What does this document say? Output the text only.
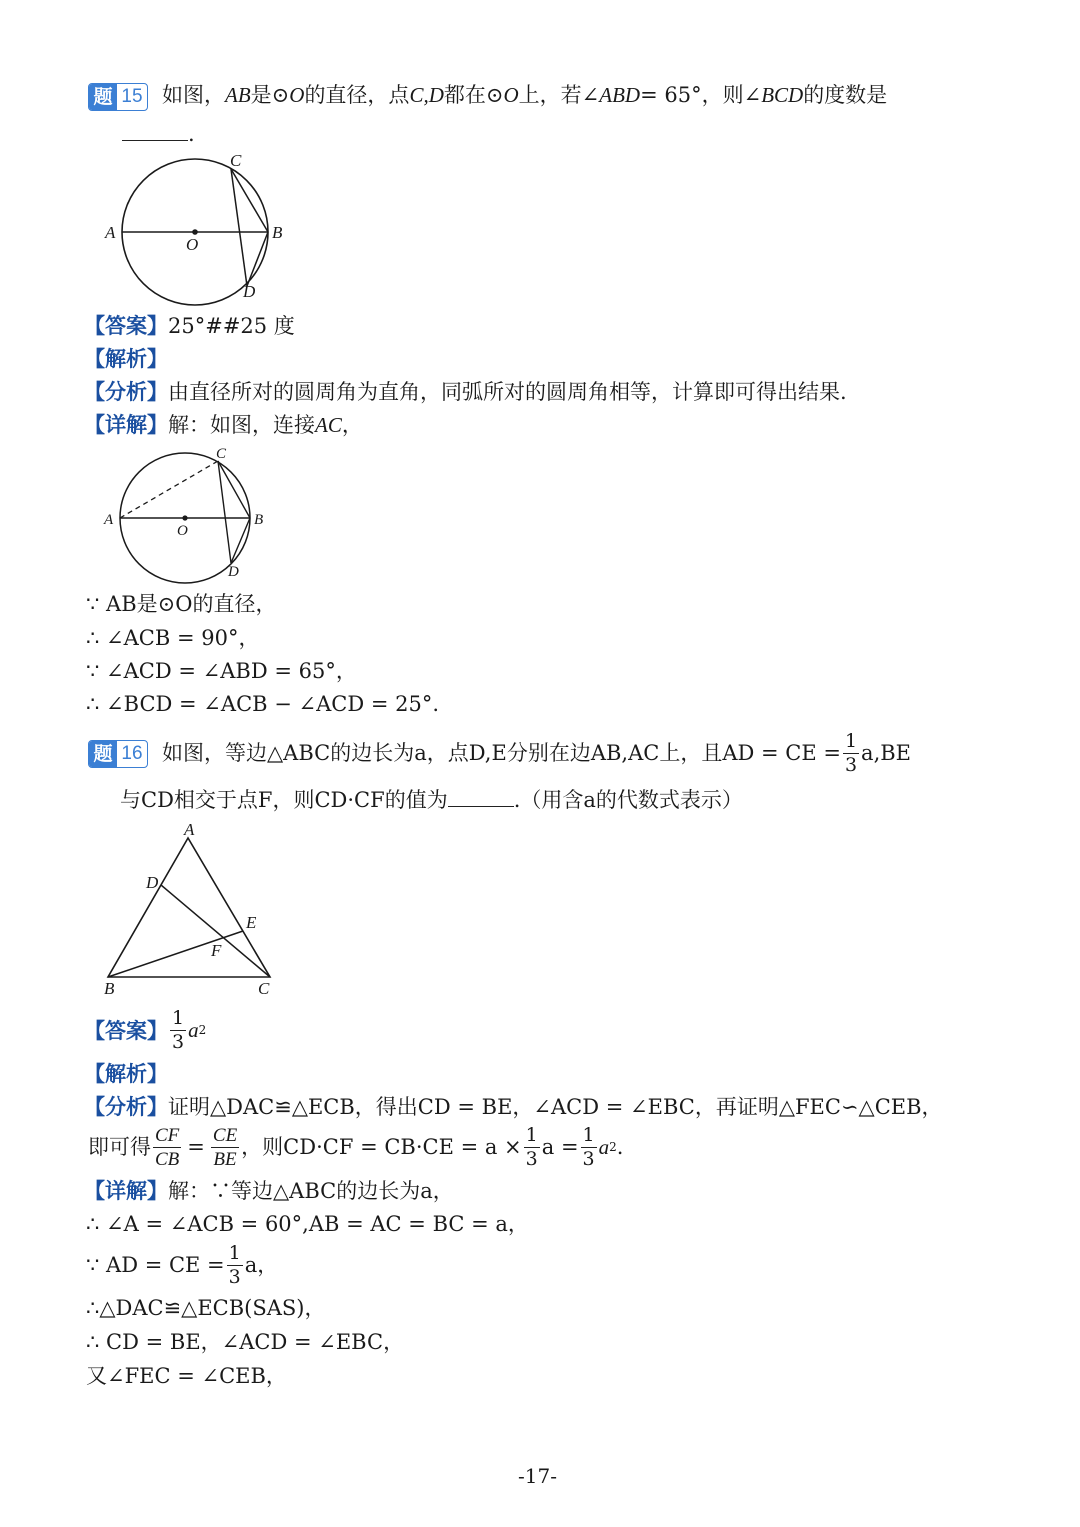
题 15 如图，AB是⊙O的直径，点C,D都在⊙O上，若∠ABD= 65°，则∠BCD的度数是
.
A	B
C
D
O
【答案】25°##25 度
【解析】
【分析】由直径所对的圆周角为直角，同弧所对的圆周角相等，计算即可得出结果.
【详解】解：如图，连接AC，
A	B
C
D
O
∵ AB是⊙O的直径，
∴ ∠ACB = 90°，
∵ ∠ACD = ∠ABD = 65°，
∴ ∠BCD = ∠ACB − ∠ACD = 25°.
题 16 如图，等边△ABC的边长为a，点D,E分别在边AB,AC上，且AD = CE = $\frac{1}{3} a,BE$
与CD相交于点F，则CD·CF的值为	.（用含a的代数式表示）
A
D
E
F
B	C
【答案】 $\frac{1}{3}$ a 2
【解析】
【分析】证明△DAC≌△ECB，得出CD = BE，∠ACD = ∠EBC，再证明△FEC∽△CEB，
即可得 $\frac{CF}{CB} = \frac{CE}{BE}$ ，则$CD\cdot CF = CB\cdot CE = a \times \frac{1}{3}$ $a = \frac{1}{3}$ a 2 .
【详解】解：∵等边△ABC的边长为a，
∴ ∠A = ∠ACB = 60°,AB = AC = BC = a，
∵ AD = CE = $\frac{1}{3}$ a，
∴△DAC≌△ECB(SAS)，
∴ CD = BE，∠ACD = ∠EBC，
又∠FEC = ∠CEB，
-17-
